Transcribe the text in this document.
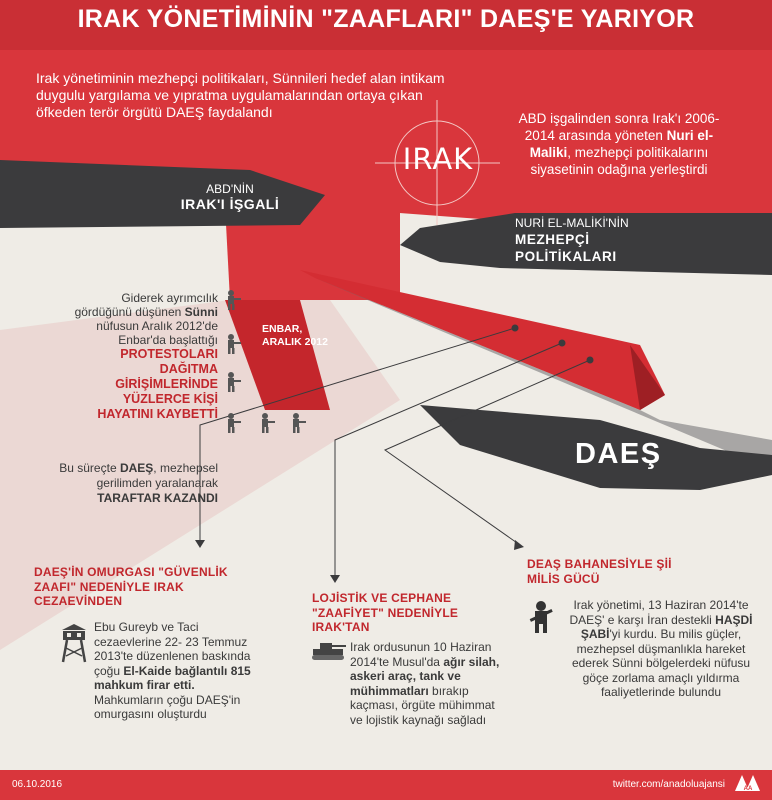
IRAK YÖNETİMİNİN "ZAAFLARI" DAEŞ'E YARIYOR
Irak yönetiminin mezhepçi politikaları, Sünnileri hedef alan intikam duygulu yargılama ve yıpratma uygulamalarından ortaya çıkan öfkeden terör örgütü DAEŞ faydalandı
IRAK
ABD işgalinden sonra Irak'ı 2006-2014 arasında yöneten Nuri el-Maliki, mezhepçi politikalarını siyasetinin odağına yerleştirdi
ABD'NİN
IRAK'I İŞGALİ
NURİ EL-MALİKİ'NİN
MEZHEPÇİ
POLİTİKALARI
ENBAR,
ARALIK 2012
Giderek ayrımcılık gördüğünü düşünen Sünni nüfusun Aralık 2012'de Enbar'da başlattığı
PROTESTOLARI DAĞITMA GİRİŞİMLERİNDE YÜZLERCE KİŞİ HAYATINI KAYBETTİ
DAEŞ
Bu süreçte DAEŞ, mezhepsel gerilimden yaralanarak TARAFTAR KAZANDI
DAEŞ'İN OMURGASI "GÜVENLİK ZAAFI" NEDENİYLE IRAK CEZAEVİNDEN
Ebu Gureyb ve Taci cezaevlerine 22- 23 Temmuz 2013'te düzenlenen baskında çoğu El-Kaide bağlantılı 815 mahkum firar etti. Mahkumların çoğu DAEŞ'in omurgasını oluşturdu
LOJİSTİK VE CEPHANE "ZAAFİYET" NEDENİYLE IRAK'TAN
Irak ordusunun 10 Haziran 2014'te Musul'da ağır silah, askeri araç, tank ve mühimmatları bırakıp kaçması, örgüte mühimmat ve lojistik kaynağı sağladı
DEAŞ BAHANESİYLE Şİİ MİLİS GÜCÜ
Irak yönetimi, 13 Haziran 2014'te DAEŞ' e karşı İran destekli HAŞDİ ŞABİ'yi kurdu. Bu milis güçler, mezhepsel düşmanlıkla hareket ederek Sünni bölgelerdeki nüfusu göçe zorlama amaçlı yıldırma faaliyetlerinde bulundu
06.10.2016	twitter.com/anadoluajansi	AA
